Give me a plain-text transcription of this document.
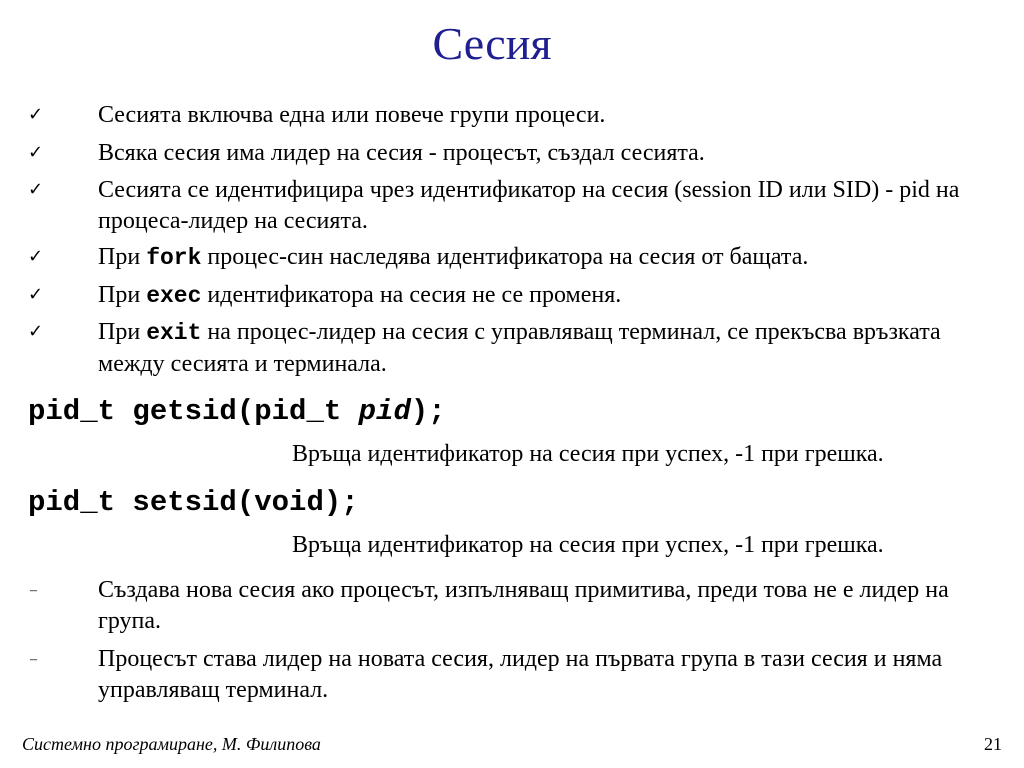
Сесия
✓	Сесията включва една или повече групи процеси.
✓	Всяка сесия има лидер на сесия - процесът, създал сесията.
✓	Сесията се идентифицира чрез идентификатор на сесия (session ID или SID) - pid на процеса-лидер на сесията.
✓	При fork процес-син наследява идентификатора на сесия от бащата.
✓	При exec идентификатора на сесия не се променя.
✓	При exit на процес-лидер на сесия с управляващ терминал, се прекъсва връзката между сесията и терминала.
pid_t getsid(pid_t pid);
Връща идентификатор на сесия при успех, -1 при грешка.
pid_t setsid(void);
Връща идентификатор на сесия при успех, -1 при грешка.
–	Създава нова сесия ако процесът, изпълняващ примитива, преди това не е лидер на група.
–	Процесът става лидер на новата сесия, лидер на първата група в тази сесия и няма управляващ терминал.
Системно програмиране, М. Филипова	21
